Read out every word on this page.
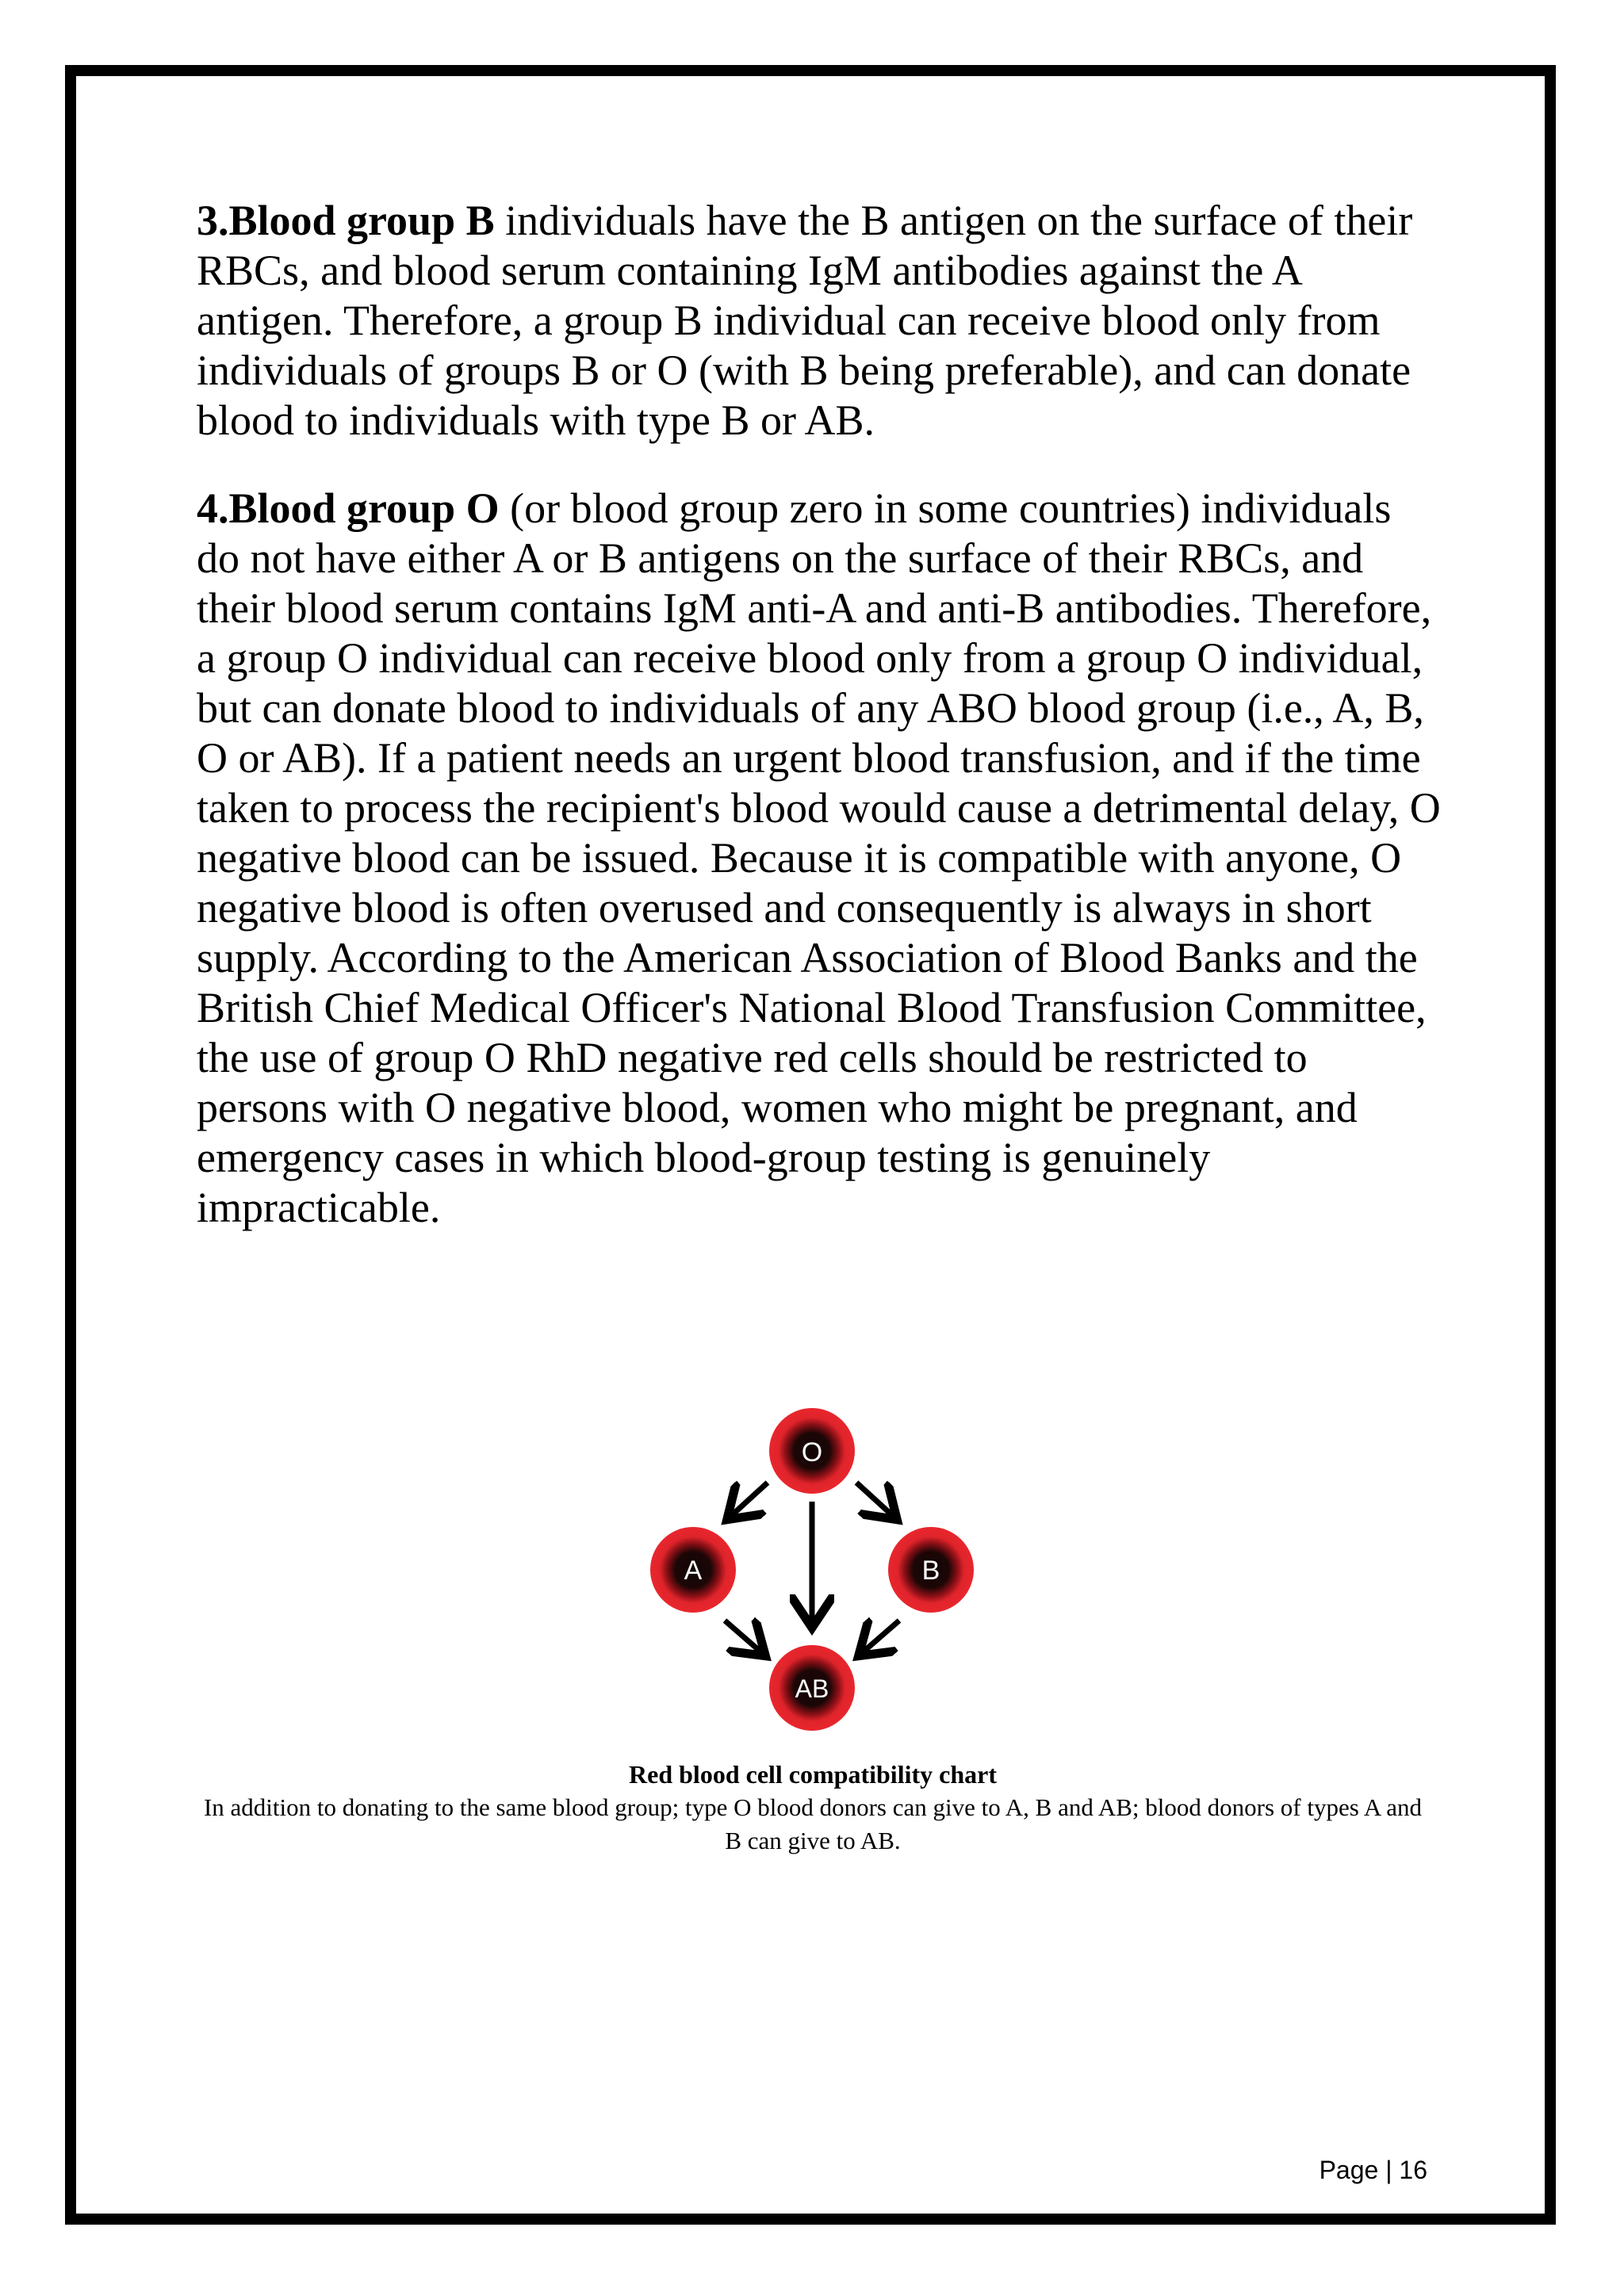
3.Blood group B individuals have the B antigen on the surface of their RBCs, and blood serum containing IgM antibodies against the A antigen. Therefore, a group B individual can receive blood only from individuals of groups B or O (with B being preferable), and can donate blood to individuals with type B or AB.

4.Blood group O (or blood group zero in some countries) individuals do not have either A or B antigens on the surface of their RBCs, and their blood serum contains IgM anti-A and anti-B antibodies. Therefore, a group O individual can receive blood only from a group O individual, but can donate blood to individuals of any ABO blood group (i.e., A, B, O or AB). If a patient needs an urgent blood transfusion, and if the time taken to process the recipient's blood would cause a detrimental delay, O negative blood can be issued. Because it is compatible with anyone, O negative blood is often overused and consequently is always in short supply. According to the American Association of Blood Banks and the British Chief Medical Officer's National Blood Transfusion Committee, the use of group O RhD negative red cells should be restricted to persons with O negative blood, women who might be pregnant, and emergency cases in which blood-group testing is genuinely impracticable.

O
A	B
AB
Red blood cell compatibility chart
In addition to donating to the same blood group; type O blood donors can give to A, B and AB; blood donors of types A and B can give to AB.
Page | 16
